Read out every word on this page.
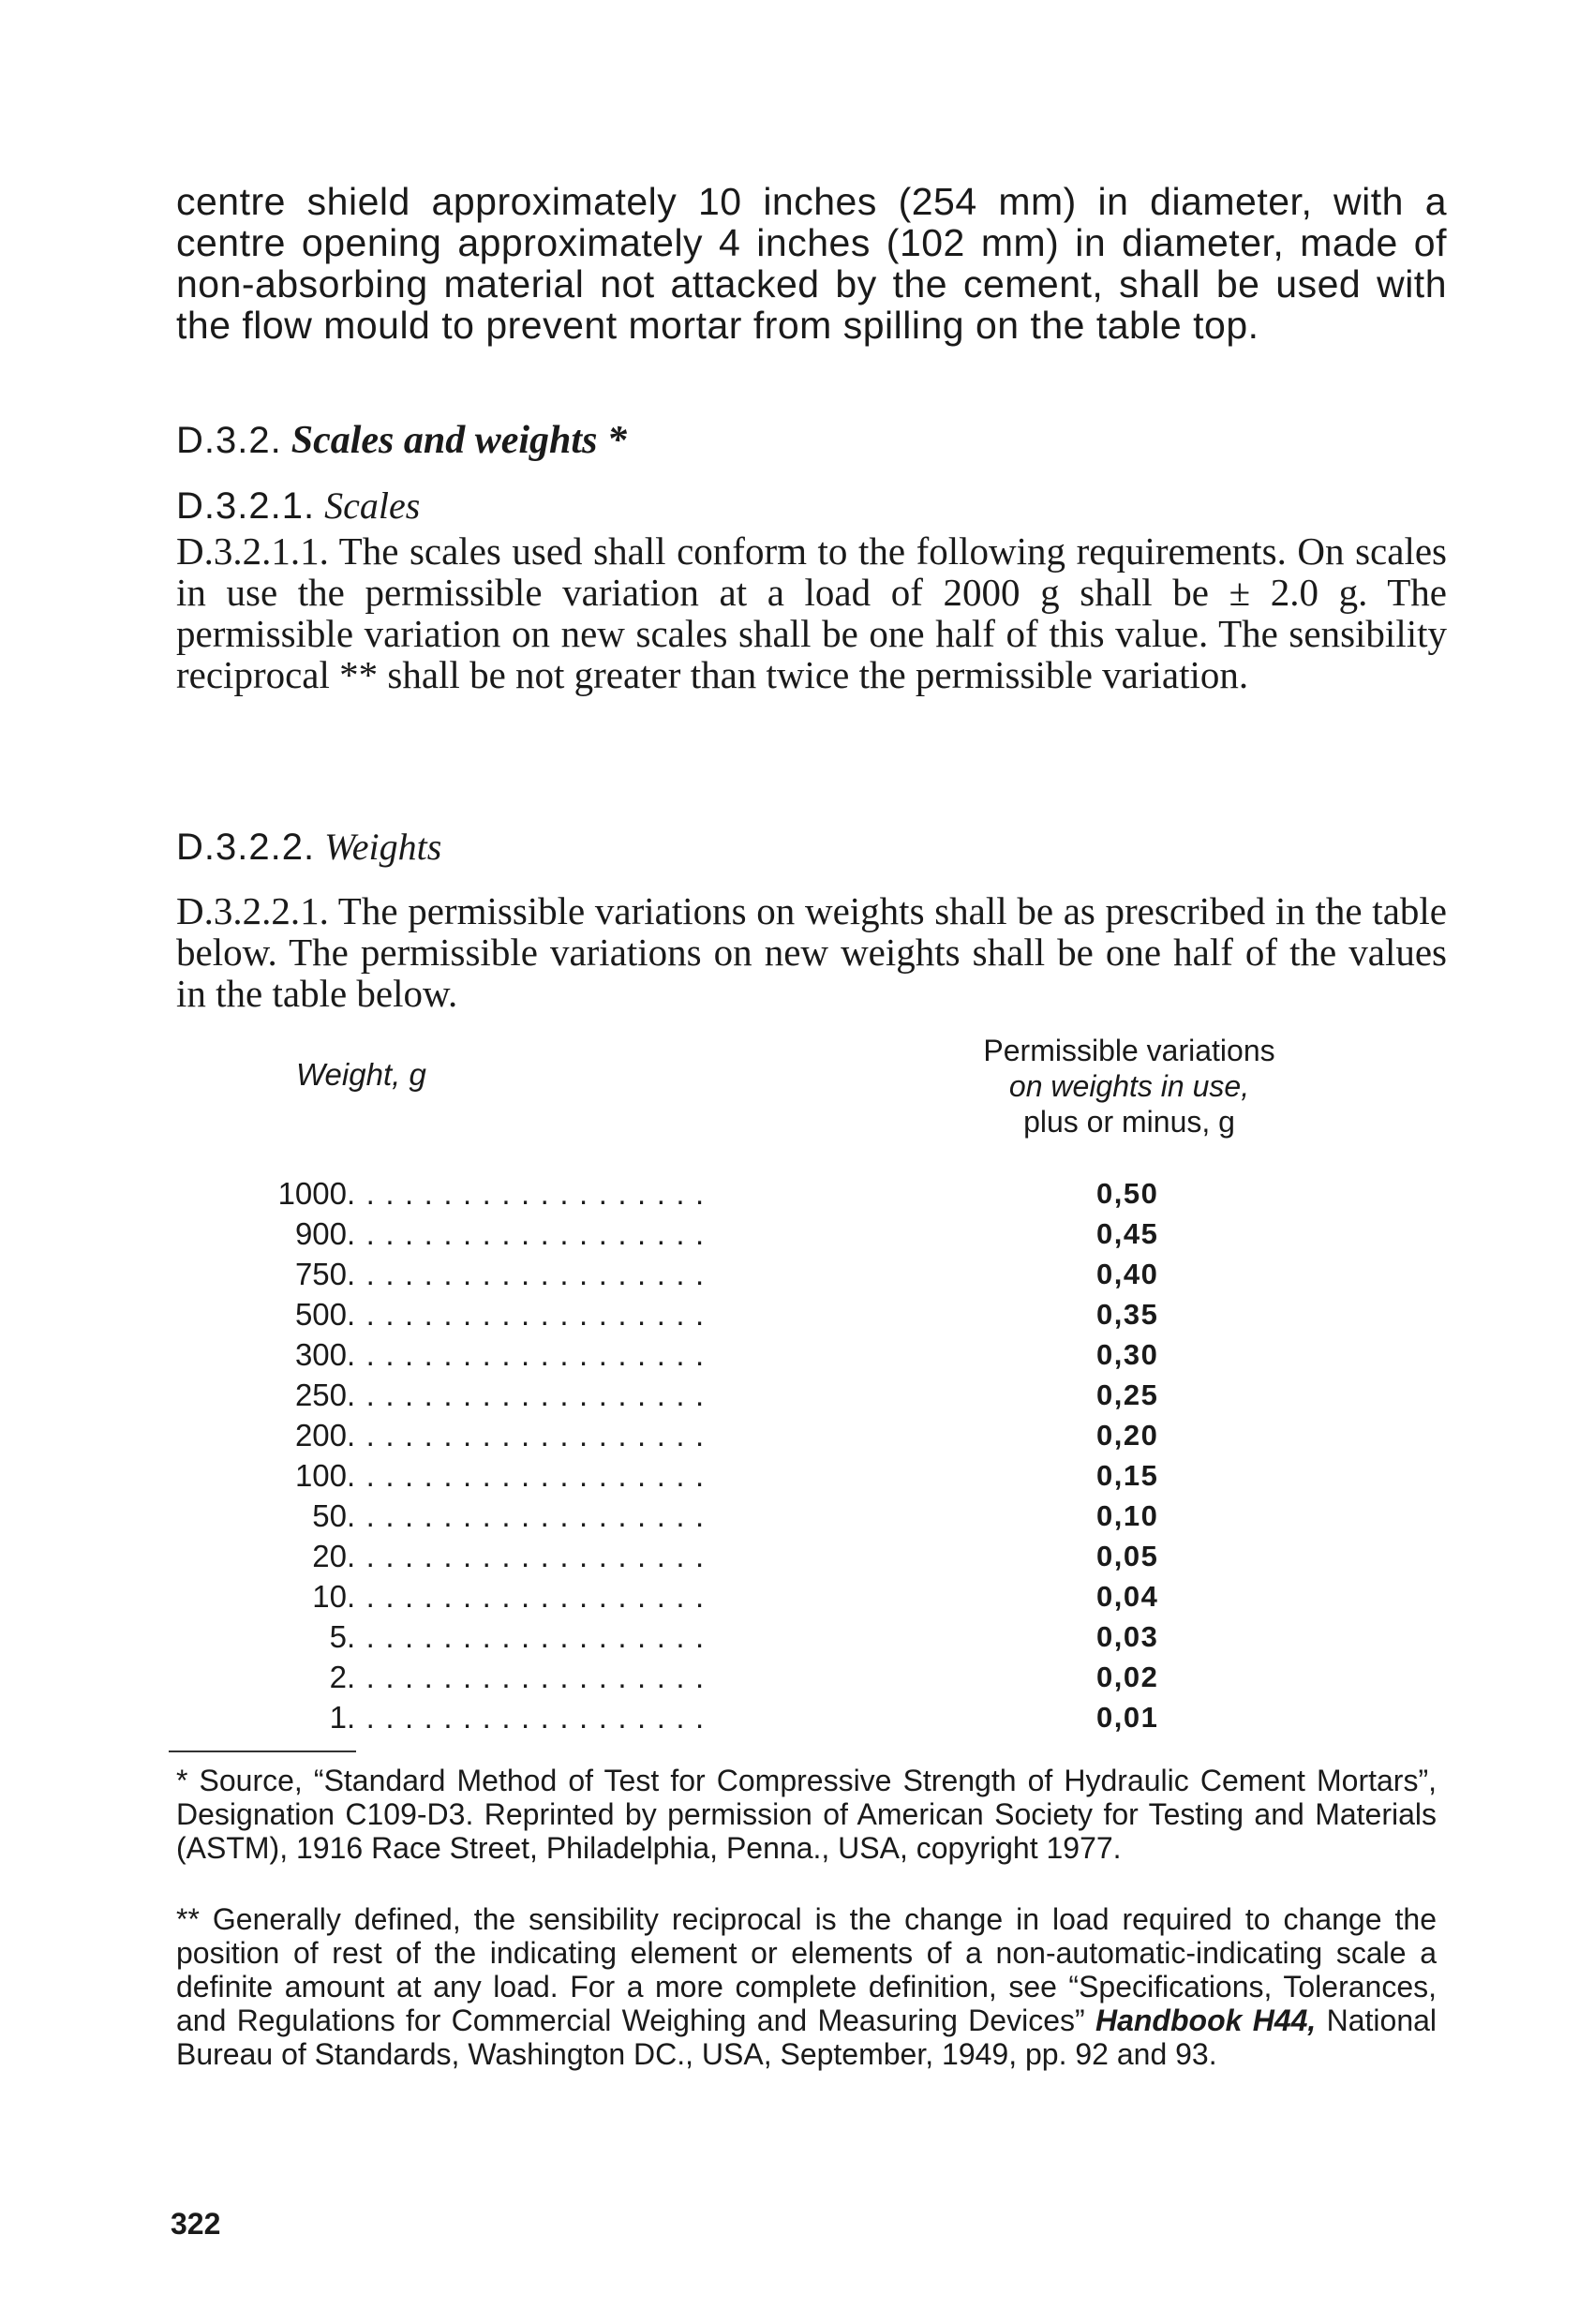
centre shield approximately 10 inches (254 mm) in diameter, with a centre opening approximately 4 inches (102 mm) in diameter, made of non-absorbing material not attacked by the cement, shall be used with the flow mould to prevent mortar from spilling on the table top.

D.3.2. Scales and weights *
D.3.2.1. Scales

D.3.2.1.1. The scales used shall conform to the following requirements. On scales in use the permissible variation at a load of 2000 g shall be ± 2.0 g. The permissible variation on new scales shall be one half of this value. The sensibility reciprocal ** shall be not greater than twice the permissible variation.

D.3.2.2. Weights

D.3.2.2.1. The permissible variations on weights shall be as prescribed in the table below. The permissible variations on new weights shall be one half of the values in the table below.

Weight, g
Permissible variations
on weights in use,
plus or minus, g
1000 ...................	0,50
900 ...................	0,45
750 ...................	0,40
500 ...................	0,35
300 ...................	0,30
250 ...................	0,25
200 ...................	0,20
100 ...................	0,15
50 ...................	0,10
20 ...................	0,05
10 ...................	0,04
5 ...................	0,03
2 ...................	0,02
1 ...................	0,01

* Source, “Standard Method of Test for Compressive Strength of Hydraulic Cement Mortars”, Designation C109-D3. Reprinted by permission of American Society for Testing and Materials (ASTM), 1916 Race Street, Philadelphia, Penna., USA, copyright 1977.

** Generally defined, the sensibility reciprocal is the change in load required to change the position of rest of the indicating element or elements of a non-automatic-indicating scale a definite amount at any load. For a more complete definition, see “Specifications, Tolerances, and Regulations for Commercial Weighing and Measuring Devices” Handbook H44, National Bureau of Standards, Washington DC., USA, September, 1949, pp. 92 and 93.

322
